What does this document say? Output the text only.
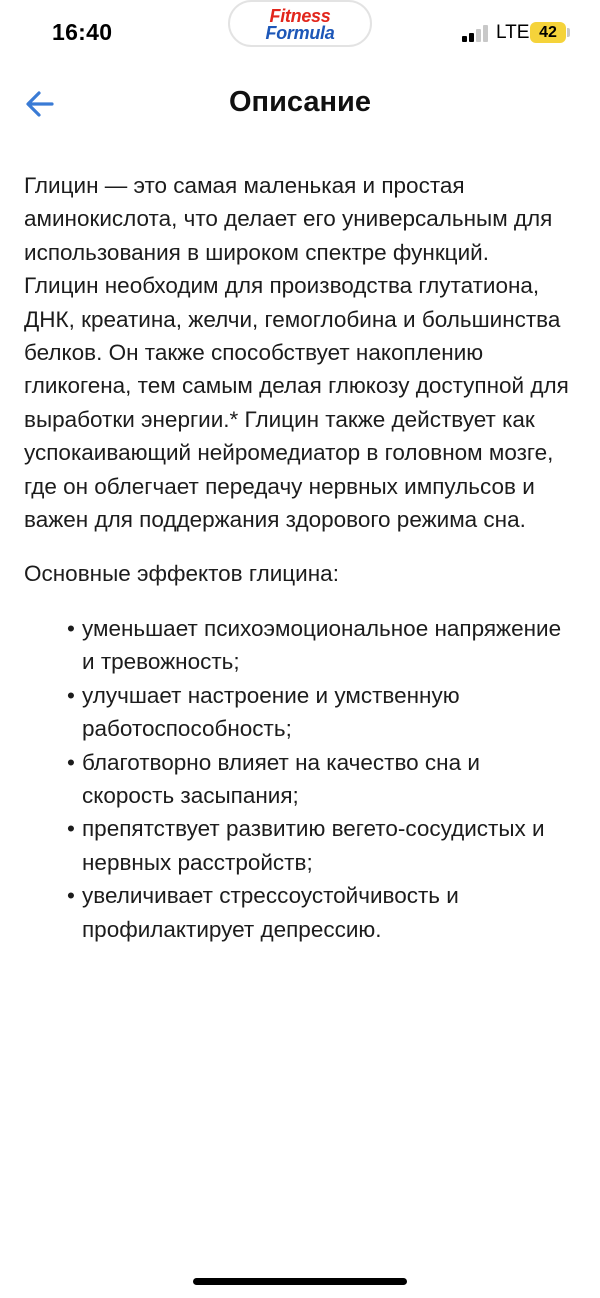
16:40
Fitness
Formula	LTE 42
Описание

Глицин — это самая маленькая и простая аминокислота, что делает его универсальным для использования в широком спектре функций. Глицин необходим для производства глутатиона, ДНК, креатина, желчи, гемоглобина и большинства белков. Он также способствует накоплению гликогена, тем самым делая глюкозу доступной для выработки энергии.* Глицин также действует как успокаивающий нейромедиатор в головном мозге, где он облегчает передачу нервных импульсов и важен для поддержания здорового режима сна.

Основные эффектов глицина:

• уменьшает психоэмоциональное напряжение и тревожность;
• улучшает настроение и умственную работоспособность;
• благотворно влияет на качество сна и скорость засыпания;
• препятствует развитию вегето-сосудистых и нервных расстройств;
• увеличивает стрессоустойчивость и профилактирует депрессию.
